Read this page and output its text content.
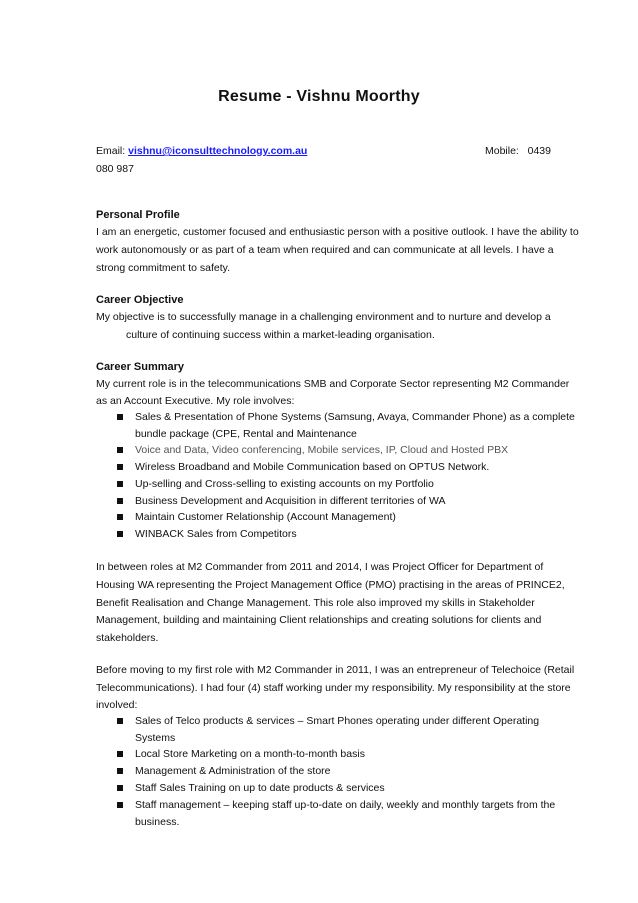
Resume - Vishnu Moorthy
Email: vishnu@iconsulttechnology.com.au	Mobile: 0439
080 987
Personal Profile
I am an energetic, customer focused and enthusiastic person with a positive outlook. I have the ability to
work autonomously or as part of a team when required and can communicate at all levels. I have a
strong commitment to safety.
Career Objective
My objective is to successfully manage in a challenging environment and to nurture and develop a
culture of continuing success within a market-leading organisation.
Career Summary
My current role is in the telecommunications SMB and Corporate Sector representing M2 Commander
as an Account Executive. My role involves:
Sales & Presentation of Phone Systems (Samsung, Avaya, Commander Phone) as a complete
bundle package (CPE, Rental and Maintenance
Voice and Data, Video conferencing, Mobile services, IP, Cloud and Hosted PBX
Wireless Broadband and Mobile Communication based on OPTUS Network.
Up-selling and Cross-selling to existing accounts on my Portfolio
Business Development and Acquisition in different territories of WA
Maintain Customer Relationship (Account Management)
WINBACK Sales from Competitors
In between roles at M2 Commander from 2011 and 2014, I was Project Officer for Department of
Housing WA representing the Project Management Office (PMO) practising in the areas of PRINCE2,
Benefit Realisation and Change Management. This role also improved my skills in Stakeholder
Management, building and maintaining Client relationships and creating solutions for clients and
stakeholders.
Before moving to my first role with M2 Commander in 2011, I was an entrepreneur of Telechoice (Retail
Telecommunications). I had four (4) staff working under my responsibility. My responsibility at the store
involved:
Sales of Telco products & services – Smart Phones operating under different Operating
Systems
Local Store Marketing on a month-to-month basis
Management & Administration of the store
Staff Sales Training on up to date products & services
Staff management – keeping staff up-to-date on daily, weekly and monthly targets from the
business.
